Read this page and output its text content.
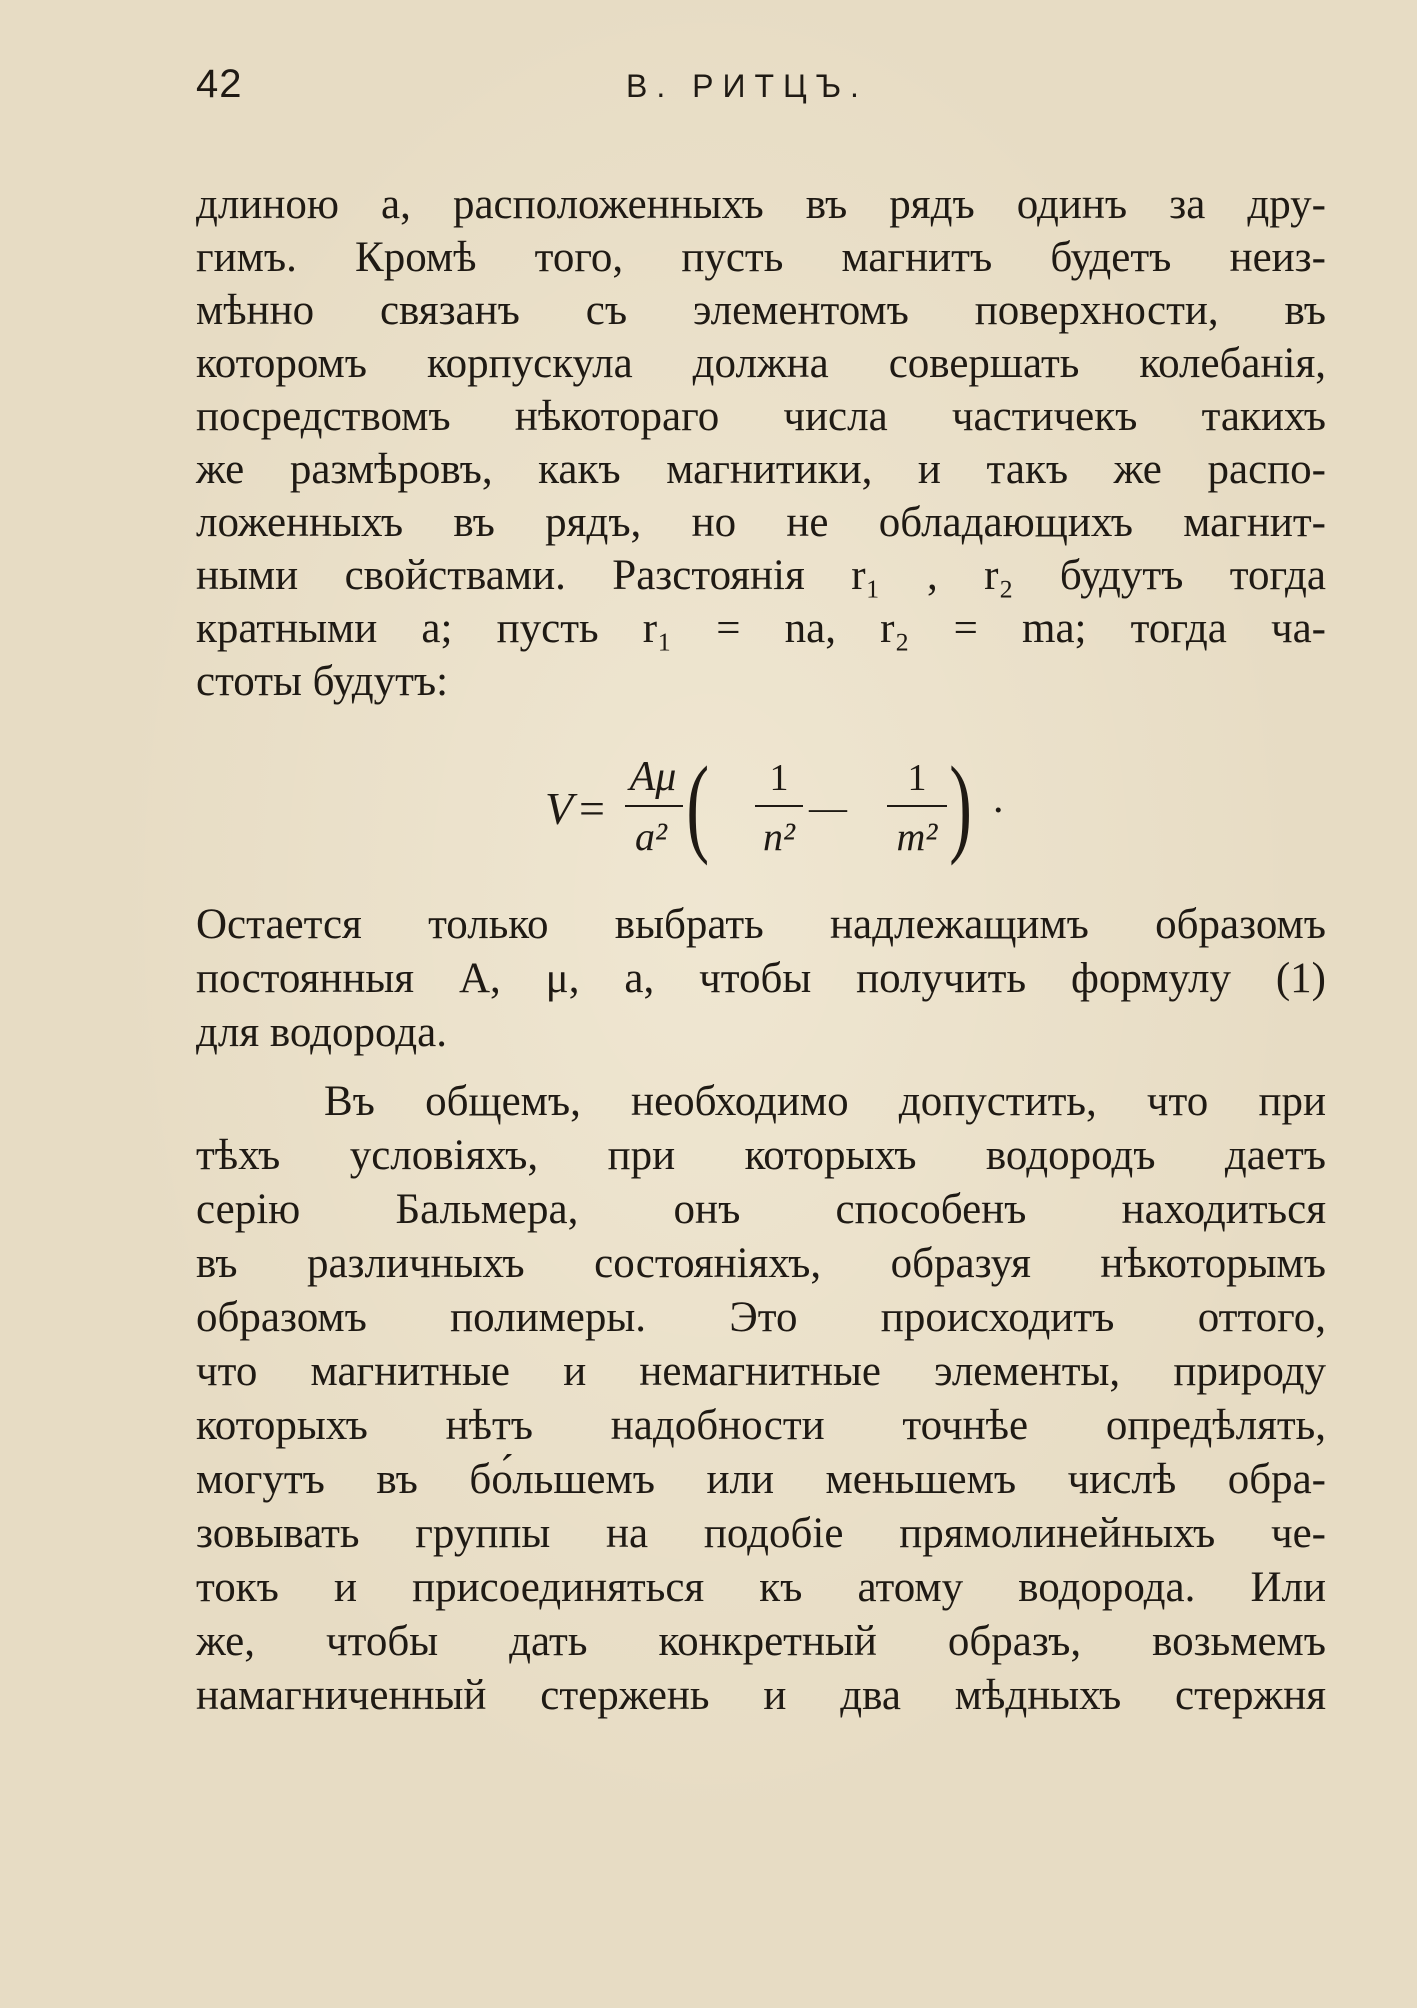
42	В. РИТЦЪ.
длиною a, расположенныхъ въ рядъ одинъ за дру-
гимъ. Кромѣ того, пусть магнитъ будетъ неиз-
мѣнно связанъ съ элементомъ поверхности, въ
которомъ корпускула должна совершать колебанія,
посредствомъ нѣкотораго числа частичекъ такихъ
же размѣровъ, какъ магнитики, и такъ же распо-
ложенныхъ въ рядъ, но не обладающихъ магнит-
ными свойствами. Разстоянія r₁ , r₂ будутъ тогда
кратными a; пусть r₁ = na, r₂ = ma; тогда ча-
стоты будутъ:
V =
Aμ
a² ( 1
n²
—
1
m² ) .
Остается только выбрать надлежащимъ образомъ
постоянныя A, μ, a, чтобы получить формулу (1)
для водорода.
Въ общемъ, необходимо допустить, что при
тѣхъ условіяхъ, при которыхъ водородъ даетъ
серію Бальмера, онъ способенъ находиться
въ различныхъ состояніяхъ, образуя нѣкоторымъ
образомъ полимеры. Это происходитъ оттого,
что магнитные и немагнитные элементы, природу
которыхъ нѣтъ надобности точнѣе опредѣлять,
могутъ въ бо́льшемъ или меньшемъ числѣ обра-
зовывать группы на подобіе прямолинейныхъ че-
токъ и присоединяться къ атому водорода. Или
же, чтобы дать конкретный образъ, возьмемъ
намагниченный стержень и два мѣдныхъ стержня
